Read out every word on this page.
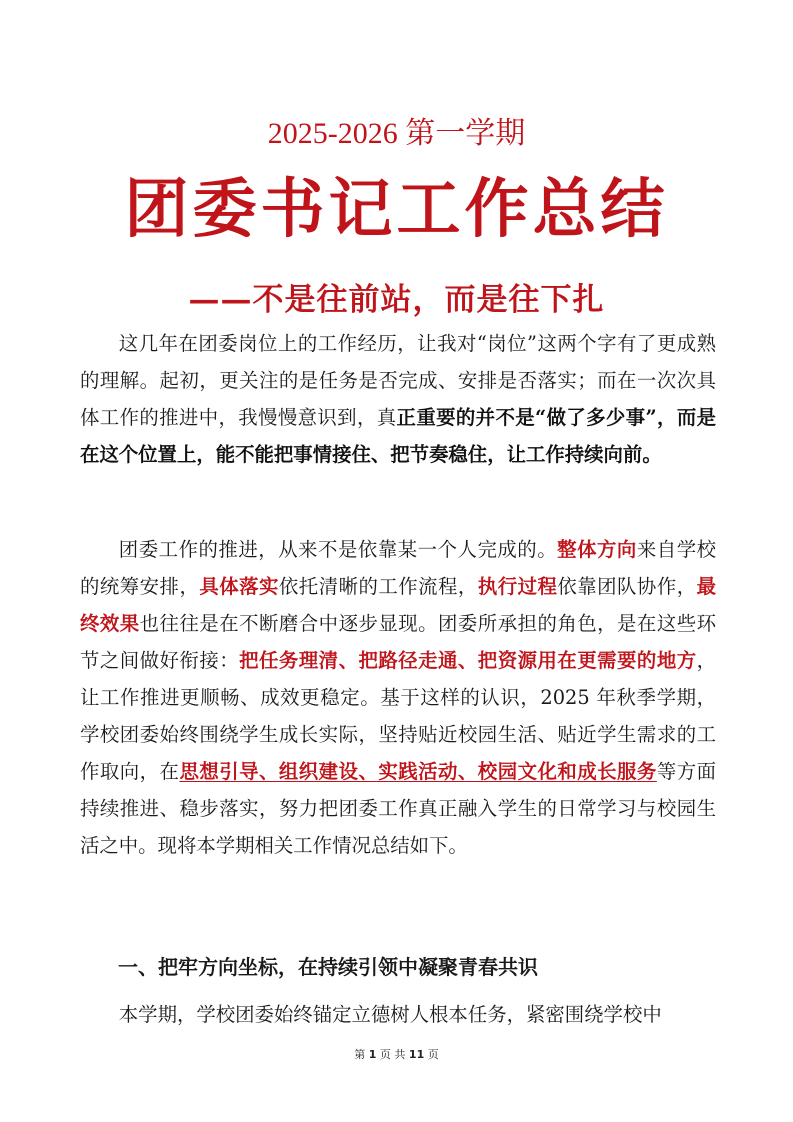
2025-2026 第一学期
团委书记工作总结
——不是往前站，而是往下扎

这几年在团委岗位上的工作经历，让我对“岗位”这两个字有了更成熟的理解。起初，更关注的是任务是否完成、安排是否落实；而在一次次具体工作的推进中，我慢慢意识到，真正重要的并不是“做了多少事”，而是在这个位置上，能不能把事情接住、把节奏稳住，让工作持续向前。

团委工作的推进，从来不是依靠某一个人完成的。整体方向来自学校的统筹安排，具体落实依托清晰的工作流程，执行过程依靠团队协作，最终效果也往往是在不断磨合中逐步显现。团委所承担的角色，是在这些环节之间做好衔接：把任务理清、把路径走通、把资源用在更需要的地方，让工作推进更顺畅、成效更稳定。基于这样的认识，2025 年秋季学期，学校团委始终围绕学生成长实际，坚持贴近校园生活、贴近学生需求的工作取向，在思想引导、组织建设、实践活动、校园文化和成长服务等方面持续推进、稳步落实，努力把团委工作真正融入学生的日常学习与校园生活之中。现将本学期相关工作情况总结如下。

一、把牢方向坐标，在持续引领中凝聚青春共识

本学期，学校团委始终锚定立德树人根本任务，紧密围绕学校中

第 1 页 共 11 页
